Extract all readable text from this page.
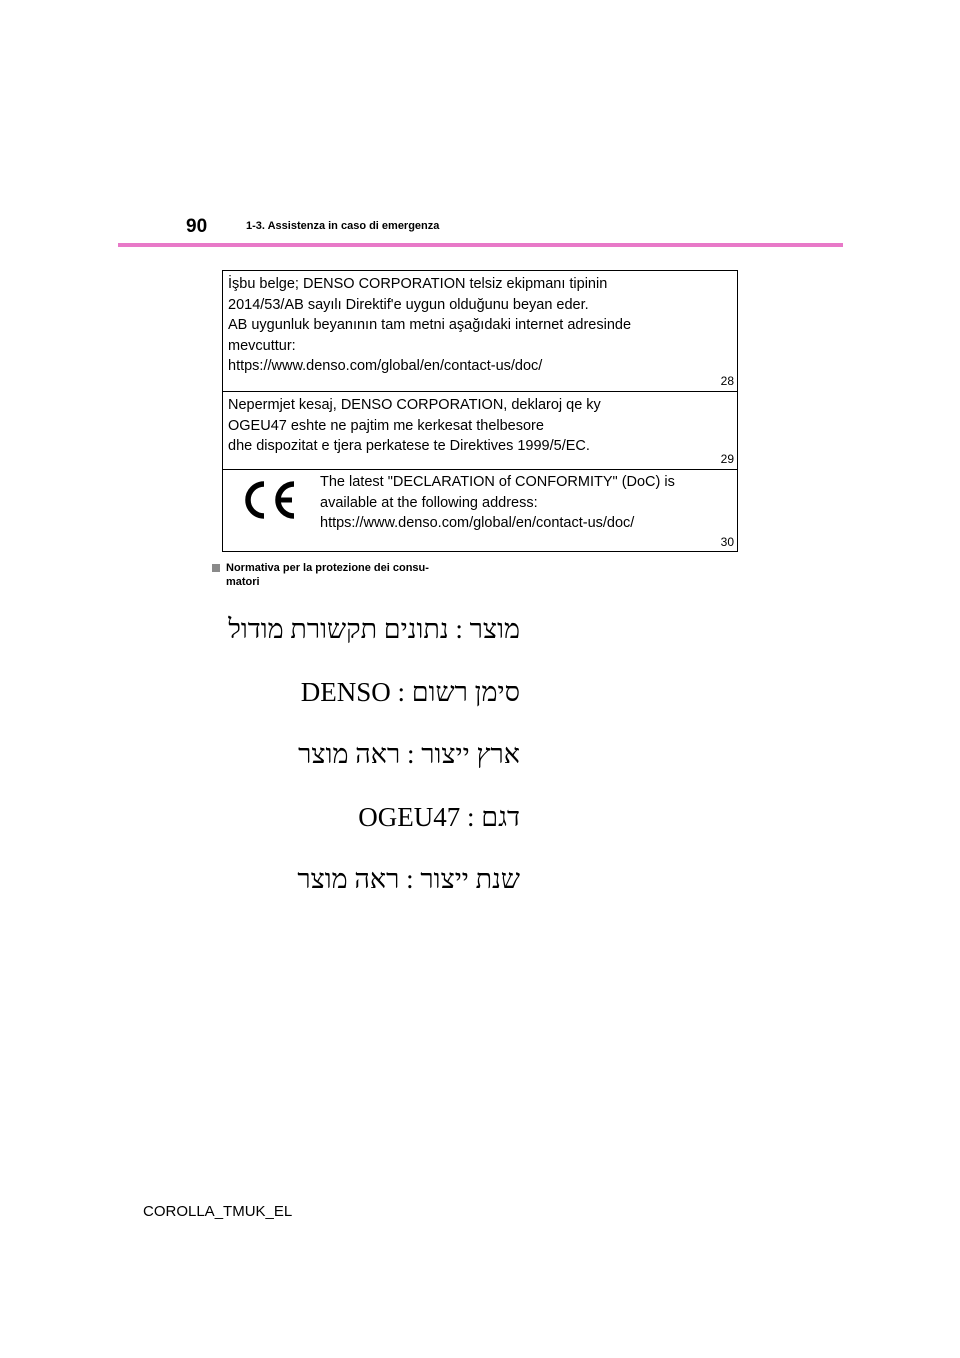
90	1-3. Assistenza in caso di emergenza
İşbu belge; DENSO CORPORATION telsiz ekipmanı tipinin
2014/53/AB sayılı Direktif'e uygun olduğunu beyan eder.
AB uygunluk beyanının tam metni aşağıdaki internet adresinde
mevcuttur:
https://www.denso.com/global/en/contact-us/doc/
28
Nepermjet kesaj, DENSO CORPORATION, deklaroj qe ky
OGEU47 eshte ne pajtim me kerkesat thelbesore
dhe dispozitat e tjera perkatese te Direktives 1999/5/EC.
29
The latest "DECLARATION of CONFORMITY" (DoC) is
available at the following address:
https://www.denso.com/global/en/contact-us/doc/
30
Normativa per la protezione dei consu-
matori
מוצר : נתונים תקשורת מודול
סימן רשום : DENSO
ארץ ייצור : ראה מוצר
דגם : OGEU47
שנת ייצור : ראה מוצר
COROLLA_TMUK_EL
